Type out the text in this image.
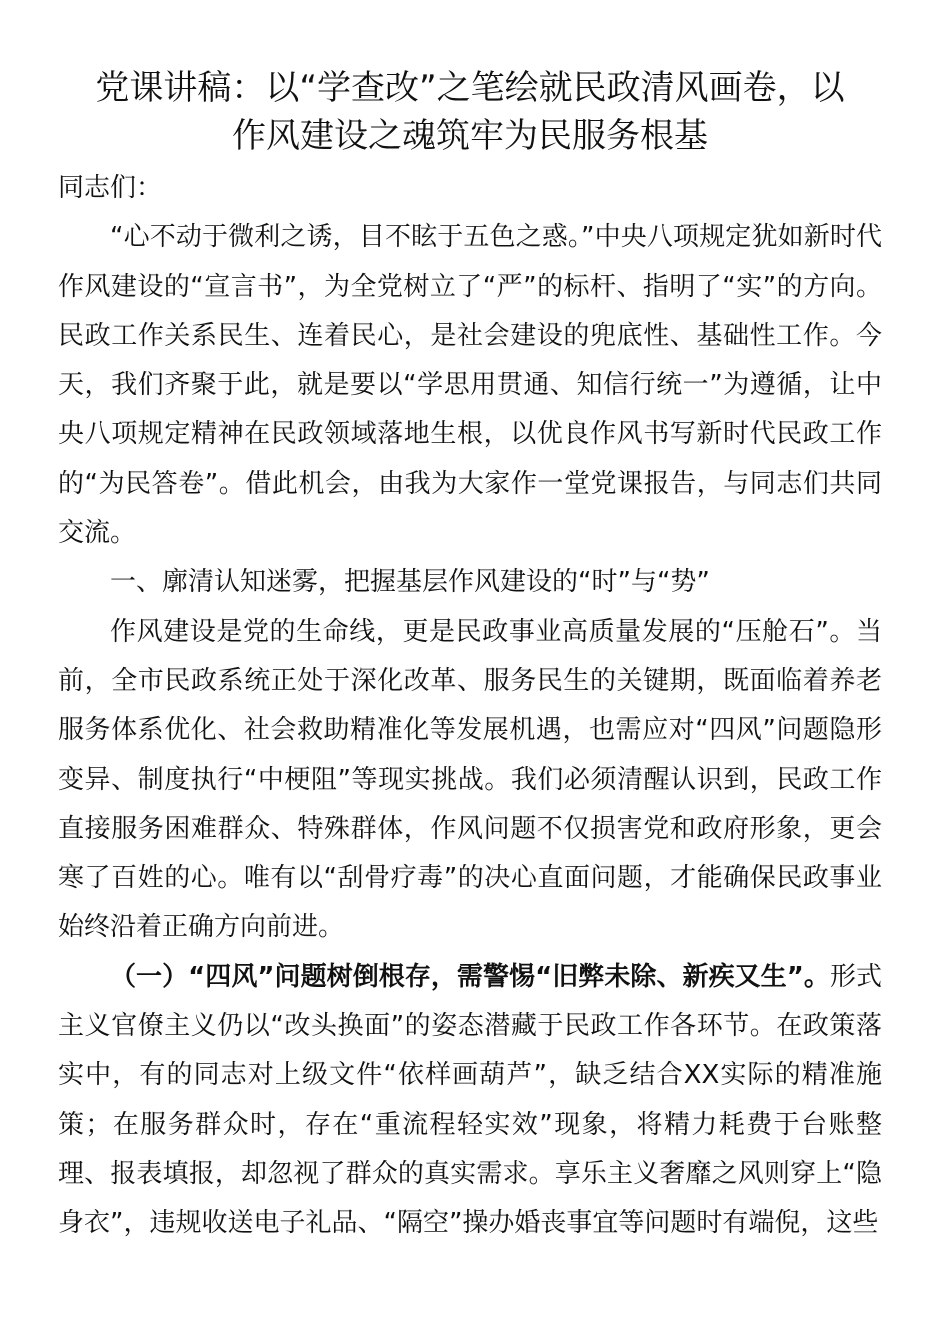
党课讲稿：以“学查改”之笔绘就民政清风画卷，以
作风建设之魂筑牢为民服务根基

同志们：

“心不动于微利之诱，目不眩于五色之惑。”中央八项规定犹如新时代作风建设的“宣言书”，为全党树立了“严”的标杆、指明了“实”的方向。民政工作关系民生、连着民心，是社会建设的兜底性、基础性工作。今天，我们齐聚于此，就是要以“学思用贯通、知信行统一”为遵循，让中央八项规定精神在民政领域落地生根，以优良作风书写新时代民政工作的“为民答卷”。借此机会，由我为大家作一堂党课报告，与同志们共同交流。

一、廓清认知迷雾，把握基层作风建设的“时”与“势”

作风建设是党的生命线，更是民政事业高质量发展的“压舱石”。当前，全市民政系统正处于深化改革、服务民生的关键期，既面临着养老服务体系优化、社会救助精准化等发展机遇，也需应对“四风”问题隐形变异、制度执行“中梗阻”等现实挑战。我们必须清醒认识到，民政工作直接服务困难群众、特殊群体，作风问题不仅损害党和政府形象，更会寒了百姓的心。唯有以“刮骨疗毒”的决心直面问题，才能确保民政事业始终沿着正确方向前进。

（一）“四风”问题树倒根存，需警惕“旧弊未除、新疾又生”。形式主义官僚主义仍以“改头换面”的姿态潜藏于民政工作各环节。在政策落实中，有的同志对上级文件“依样画葫芦”，缺乏结合XX实际的精准施策；在服务群众时，存在“重流程轻实效”现象，将精力耗费于台账整理、报表填报，却忽视了群众的真实需求。享乐主义奢靡之风则穿上“隐身衣”，违规收送电子礼品、“隔空”操办婚丧事宜等问题时有端倪，这些
